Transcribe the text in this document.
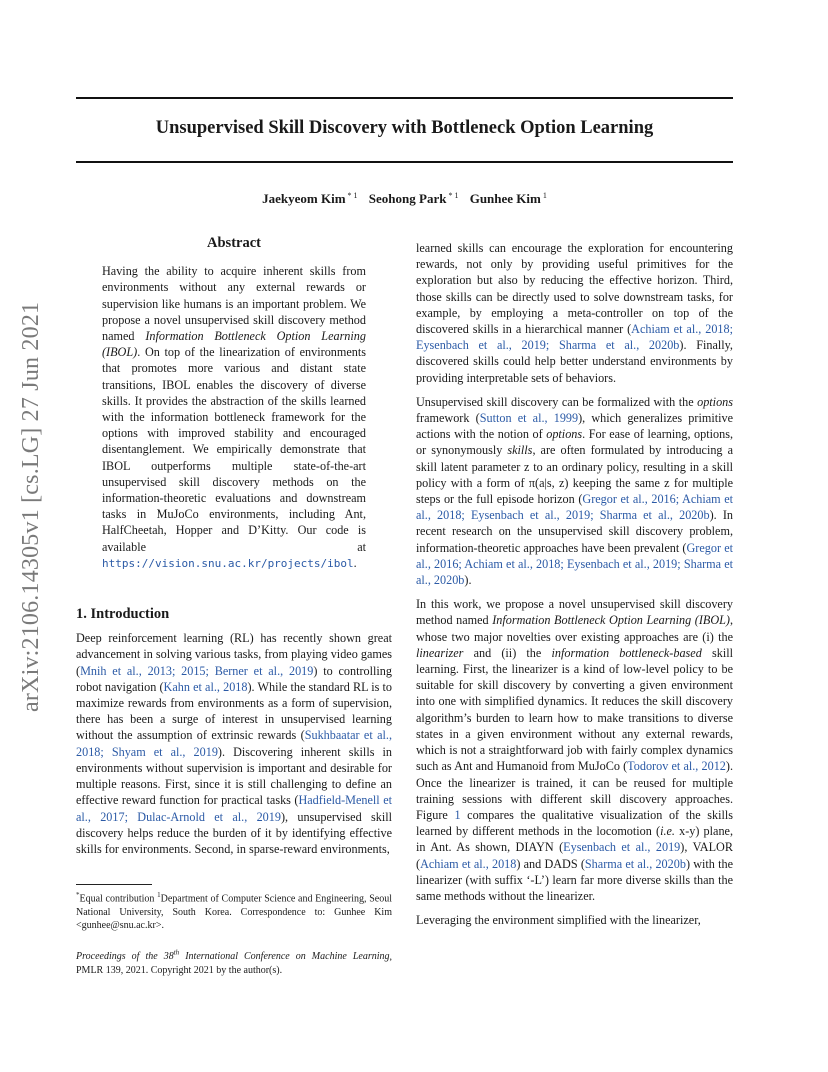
Unsupervised Skill Discovery with Bottleneck Option Learning
Jaekyeom Kim $^{* 1}$ Seohong Park $^{* 1}$ Gunhee Kim $^1$
arXiv:2106.14305v1 [cs.LG] 27 Jun 2021
Abstract
Having the ability to acquire inherent skills from environments without any external rewards or supervision like humans is an important problem. We propose a novel unsupervised skill discovery method named Information Bottleneck Option Learning (IBOL). On top of the linearization of environments that promotes more various and distant state transitions, IBOL enables the discovery of diverse skills. It provides the abstraction of the skills learned with the information bottleneck framework for the options with improved stability and encouraged disentanglement. We empirically demonstrate that IBOL outperforms multiple state-of-the-art unsupervised skill discovery methods on the information-theoretic evaluations and downstream tasks in MuJoCo environments, including Ant, HalfCheetah, Hopper and D’Kitty. Our code is available at https://vision.snu.ac.kr/projects/ibol.
1. Introduction

Deep reinforcement learning (RL) has recently shown great advancement in solving various tasks, from playing video games (Mnih et al., 2013; 2015; Berner et al., 2019) to controlling robot navigation (Kahn et al., 2018). While the standard RL is to maximize rewards from environments as a form of supervision, there has been a surge of interest in unsupervised learning without the assumption of extrinsic rewards (Sukhbaatar et al., 2018; Shyam et al., 2019). Discovering inherent skills in environments without supervision is important and desirable for multiple reasons. First, since it is still challenging to define an effective reward function for practical tasks (Hadfield-Menell et al., 2017; Dulac-Arnold et al., 2019), unsupervised skill discovery helps reduce the burden of it by identifying effective skills for environments. Second, in sparse-reward environments,

*Equal contribution $^1$Department of Computer Science and Engineering, Seoul National University, South Korea. Correspondence to: Gunhee Kim <gunhee@snu.ac.kr>.
Proceedings of the 38th International Conference on Machine Learning, PMLR 139, 2021. Copyright 2021 by the author(s).

learned skills can encourage the exploration for encountering rewards, not only by providing useful primitives for the exploration but also by reducing the effective horizon. Third, those skills can be directly used to solve downstream tasks, for example, by employing a meta-controller on top of the discovered skills in a hierarchical manner (Achiam et al., 2018; Eysenbach et al., 2019; Sharma et al., 2020b). Finally, discovered skills could help better understand environments by providing interpretable sets of behaviors.

Unsupervised skill discovery can be formalized with the options framework (Sutton et al., 1999), which generalizes primitive actions with the notion of options. For ease of learning, options, or synonymously skills, are often formulated by introducing a skill latent parameter z to an ordinary policy, resulting in a skill policy with a form of π(a|s, z) keeping the same z for multiple steps or the full episode horizon (Gregor et al., 2016; Achiam et al., 2018; Eysenbach et al., 2019; Sharma et al., 2020b). In recent research on the unsupervised skill discovery problem, information-theoretic approaches have been prevalent (Gregor et al., 2016; Achiam et al., 2018; Eysenbach et al., 2019; Sharma et al., 2020b).

In this work, we propose a novel unsupervised skill discovery method named Information Bottleneck Option Learning (IBOL), whose two major novelties over existing approaches are (i) the linearizer and (ii) the information bottleneck-based skill learning. First, the linearizer is a kind of low-level policy to be suitable for skill discovery by converting a given environment into one with simplified dynamics. It reduces the skill discovery algorithm’s burden to learn how to make transitions to diverse states in a given environment without any external rewards, which is not a straightforward job with fairly complex dynamics such as Ant and Humanoid from MuJoCo (Todorov et al., 2012). Once the linearizer is trained, it can be reused for multiple training sessions with different skill discovery approaches. Figure 1 compares the qualitative visualization of the skills learned by different methods in the locomotion (i.e. x-y) plane, in Ant. As shown, DIAYN (Eysenbach et al., 2019), VALOR (Achiam et al., 2018) and DADS (Sharma et al., 2020b) with the linearizer (with suffix ‘-L’) learn far more diverse skills than the same methods without the linearizer.

Leveraging the environment simplified with the linearizer,
